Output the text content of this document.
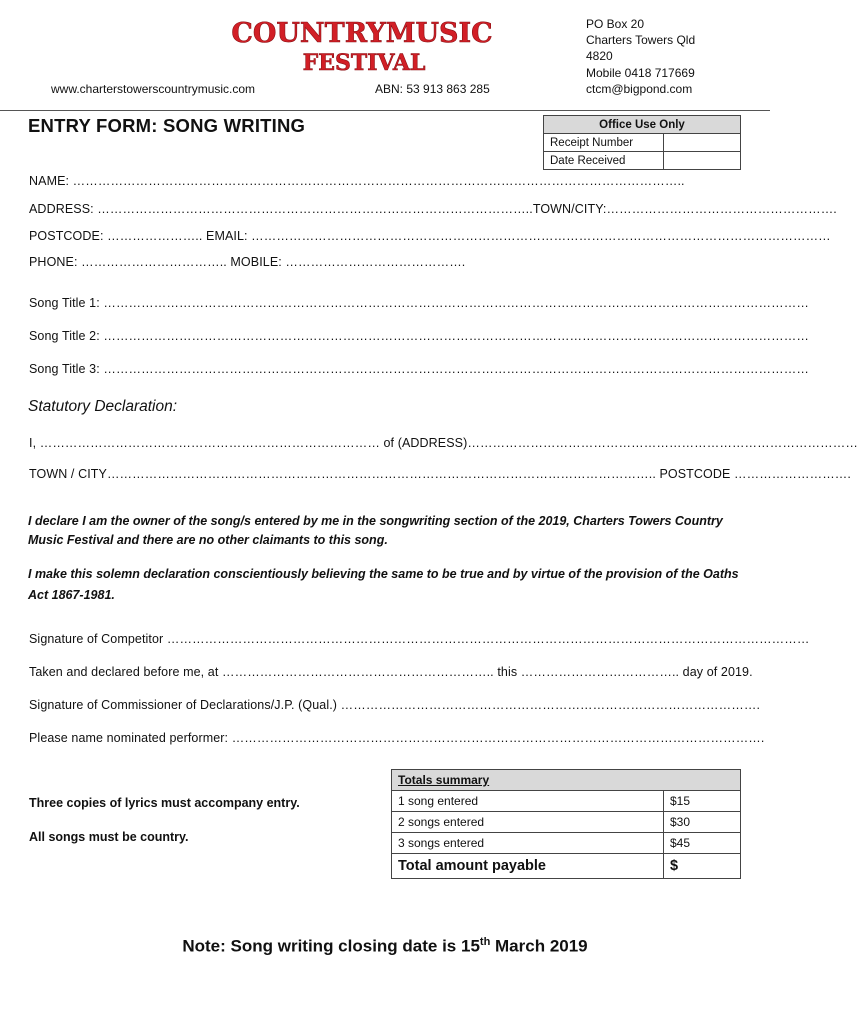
COUNTRYMUSIC
FESTIVAL
PO Box 20
Charters Towers Qld
4820
Mobile 0418 717669
ctcm@bigpond.com
www.charterstowerscountrymusic.com	ABN: 53 913 863 285
ENTRY FORM: SONG WRITING	Office Use Only	
Receipt Number	
Date Received	
NAME: ………………………………………………………………………………………………………………………………..
ADDRESS: …………………………………………………………………………………………..TOWN/CITY:……………………………………………….
POSTCODE: ………………….. EMAIL: …………………………………………………………………………………………………………………………
PHONE: …………………………….. MOBILE: …………………………………….
Song Title 1: ……………………………………………………………………………………………………………………………………………………
Song Title 2: ……………………………………………………………………………………………………………………………………………………
Song Title 3: ……………………………………………………………………………………………………………………………………………………
Statutory Declaration:
I, ……………………………………………………………………… of (ADDRESS)…………………………………………………………………………………
TOWN / CITY………………………………………………………………………………………………………………….. POSTCODE ……………………….
I declare I am the owner of the song/s entered by me in the songwriting section of the 2019, Charters Towers Country Music Festival and there are no other claimants to this song.
I make this solemn declaration conscientiously believing the same to be true and by virtue of the provision of the Oaths Act 1867-1981.
Signature of Competitor ………………………………………………………………………………………………………………………………………
Taken and declared before me, at ……………………………………………………….. this ……………………………….. day of 2019.
Signature of Commissioner of Declarations/J.P. (Qual.) ……………………………………………………………………………………….
Please name nominated performer: ……………………………………………………………………………………………………………….
Three copies of lyrics must accompany entry.
All songs must be country.
Totals summary	
1 song entered	$15
2 songs entered	$30
3 songs entered	$45
Total amount payable	$
Note: Song writing closing date is 15th March 2019
